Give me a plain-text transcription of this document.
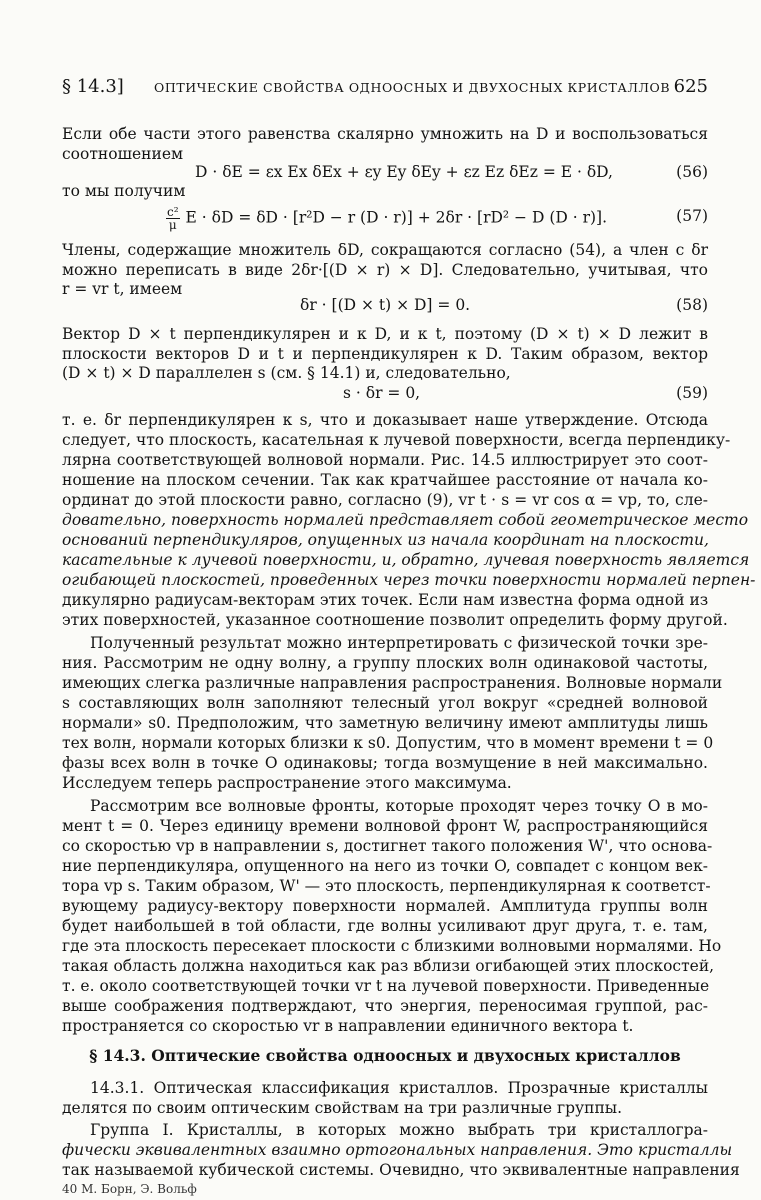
§ 14.3] ОПТИЧЕСКИЕ СВОЙСТВА ОДНООСНЫХ И ДВУХОСНЫХ КРИСТАЛЛОВ 625
Если обе части этого равенства скалярно умножить на D и воспользоваться
соотношением
D · δE = εx Ex δEx + εy Ey δEy + εz Ez δEz = E · δD,	(56)
то мы получим
$\frac{\text{c²}}{\mu}$ E · δD = δD · [r²D − r (D · r)] + 2δr · [rD² − D (D · r)].	(57)
Члены, содержащие множитель δD, сокращаются согласно (54), а член с δr
можно переписать в виде 2δr·[(D × r) × D]. Следовательно, учитывая, что
r = vr t, имеем
δr · [(D × t) × D] = 0.	(58)
Вектор D × t перпендикулярен и к D, и к t, поэтому (D × t) × D лежит в
плоскости векторов D и t и перпендикулярен к D. Таким образом, вектор
(D × t) × D параллелен s (см. § 14.1) и, следовательно,
s · δr = 0,	(59)
т. е. δr перпендикулярен к s, что и доказывает наше утверждение. Отсюда
следует, что плоскость, касательная к лучевой поверхности, всегда перпендику-
лярна соответствующей волновой нормали. Рис. 14.5 иллюстрирует это соот-
ношение на плоском сечении. Так как кратчайшее расстояние от начала ко-
ординат до этой плоскости равно, согласно (9), vr t · s = vr cos α = vp, то, сле-
довательно, поверхность нормалей представляет собой геометрическое место
оснований перпендикуляров, опущенных из начала координат на плоскости,
касательные к лучевой поверхности, и, обратно, лучевая поверхность является
огибающей плоскостей, проведенных через точки поверхности нормалей перпен-
дикулярно радиусам-векторам этих точек. Если нам известна форма одной из
этих поверхностей, указанное соотношение позволит определить форму другой.
Полученный результат можно интерпретировать с физической точки зре-
ния. Рассмотрим не одну волну, а группу плоских волн одинаковой частоты,
имеющих слегка различные направления распространения. Волновые нормали
s составляющих волн заполняют телесный угол вокруг «средней волновой
нормали» s0. Предположим, что заметную величину имеют амплитуды лишь
тех волн, нормали которых близки к s0. Допустим, что в момент времени t = 0
фазы всех волн в точке O одинаковы; тогда возмущение в ней максимально.
Исследуем теперь распространение этого максимума.
Рассмотрим все волновые фронты, которые проходят через точку O в мо-
мент t = 0. Через единицу времени волновой фронт W, распространяющийся
со скоростью vp в направлении s, достигнет такого положения W', что основа-
ние перпендикуляра, опущенного на него из точки O, совпадет с концом век-
тора vp s. Таким образом, W' — это плоскость, перпендикулярная к соответст-
вующему радиусу-вектору поверхности нормалей. Амплитуда группы волн
будет наибольшей в той области, где волны усиливают друг друга, т. е. там,
где эта плоскость пересекает плоскости с близкими волновыми нормалями. Но
такая область должна находиться как раз вблизи огибающей этих плоскостей,
т. е. около соответствующей точки vr t на лучевой поверхности. Приведенные
выше соображения подтверждают, что энергия, переносимая группой, рас-
пространяется со скоростью vr в направлении единичного вектора t.
§ 14.3. Оптические свойства одноосных и двухосных кристаллов
14.3.1. Оптическая классификация кристаллов. Прозрачные кристаллы
делятся по своим оптическим свойствам на три различные группы.
Группа I. Кристаллы, в которых можно выбрать три кристаллогра-
фически эквивалентных взаимно ортогональных направления. Это кристаллы
так называемой кубической системы. Очевидно, что эквивалентные направления
40 М. Борн, Э. Вольф
